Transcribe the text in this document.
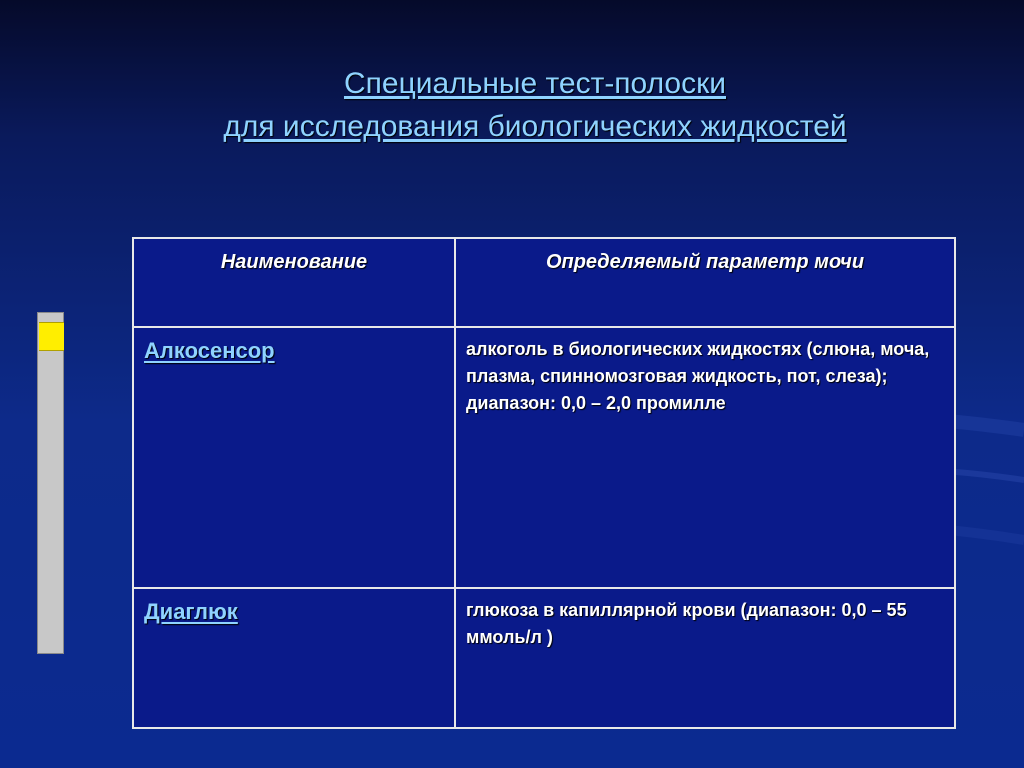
Специальные тест-полоски
для исследования биологических жидкостей
Наименование	Определяемый параметр мочи
Алкосенсор	алкоголь в биологических жидкостях (слюна, моча, плазма, спинномозговая жидкость, пот, слеза); диапазон: 0,0 – 2,0 промилле
Диаглюк	глюкоза в капиллярной крови (диапазон: 0,0 – 55 ммоль/л )
